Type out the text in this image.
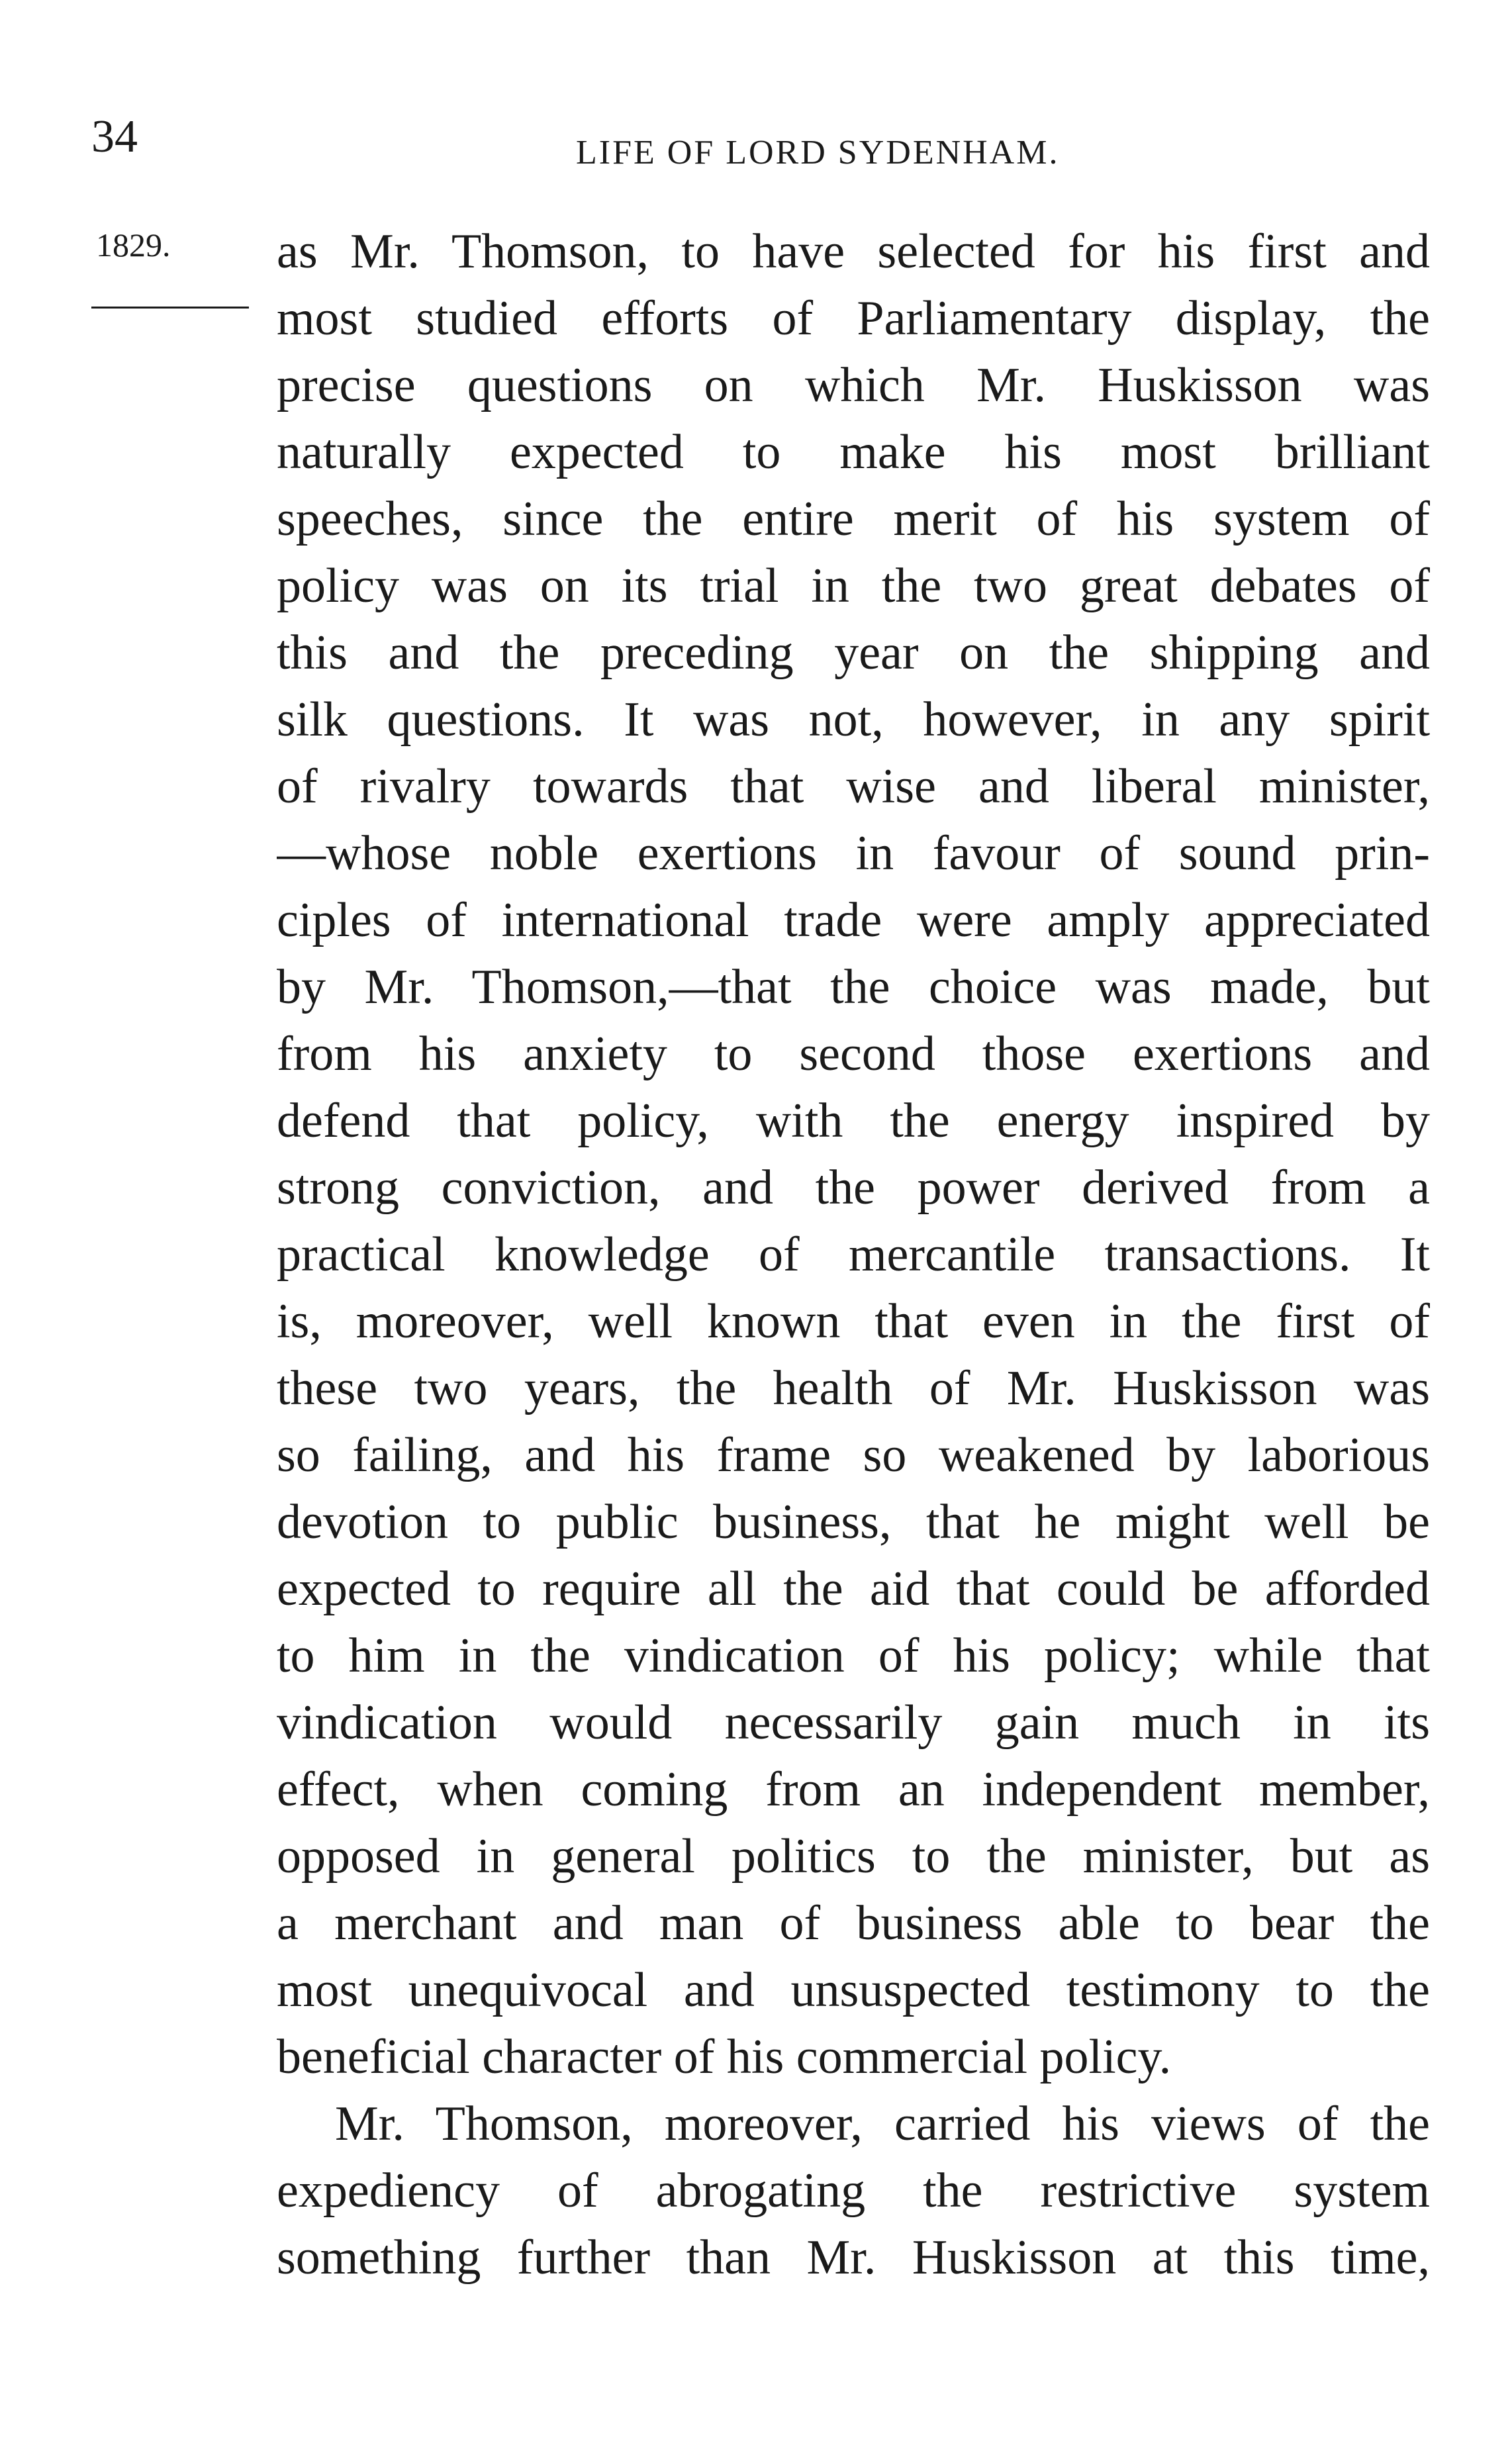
34	LIFE OF LORD SYDENHAM.
1829. as Mr. Thomson, to have selected for his first and
most studied efforts of Parliamentary display, the
precise questions on which Mr. Huskisson was
naturally expected to make his most brilliant
speeches, since the entire merit of his system of
policy was on its trial in the two great debates of
this and the preceding year on the shipping and
silk questions. It was not, however, in any spirit
of rivalry towards that wise and liberal minister,
—whose noble exertions in favour of sound prin-
ciples of international trade were amply appreciated
by Mr. Thomson,—that the choice was made, but
from his anxiety to second those exertions and
defend that policy, with the energy inspired by
strong conviction, and the power derived from a
practical knowledge of mercantile transactions. It
is, moreover, well known that even in the first of
these two years, the health of Mr. Huskisson was
so failing, and his frame so weakened by laborious
devotion to public business, that he might well be
expected to require all the aid that could be afforded
to him in the vindication of his policy; while that
vindication would necessarily gain much in its
effect, when coming from an independent member,
opposed in general politics to the minister, but as
a merchant and man of business able to bear the
most unequivocal and unsuspected testimony to the
beneficial character of his commercial policy.
Mr. Thomson, moreover, carried his views of the
expediency of abrogating the restrictive system
something further than Mr. Huskisson at this time,
